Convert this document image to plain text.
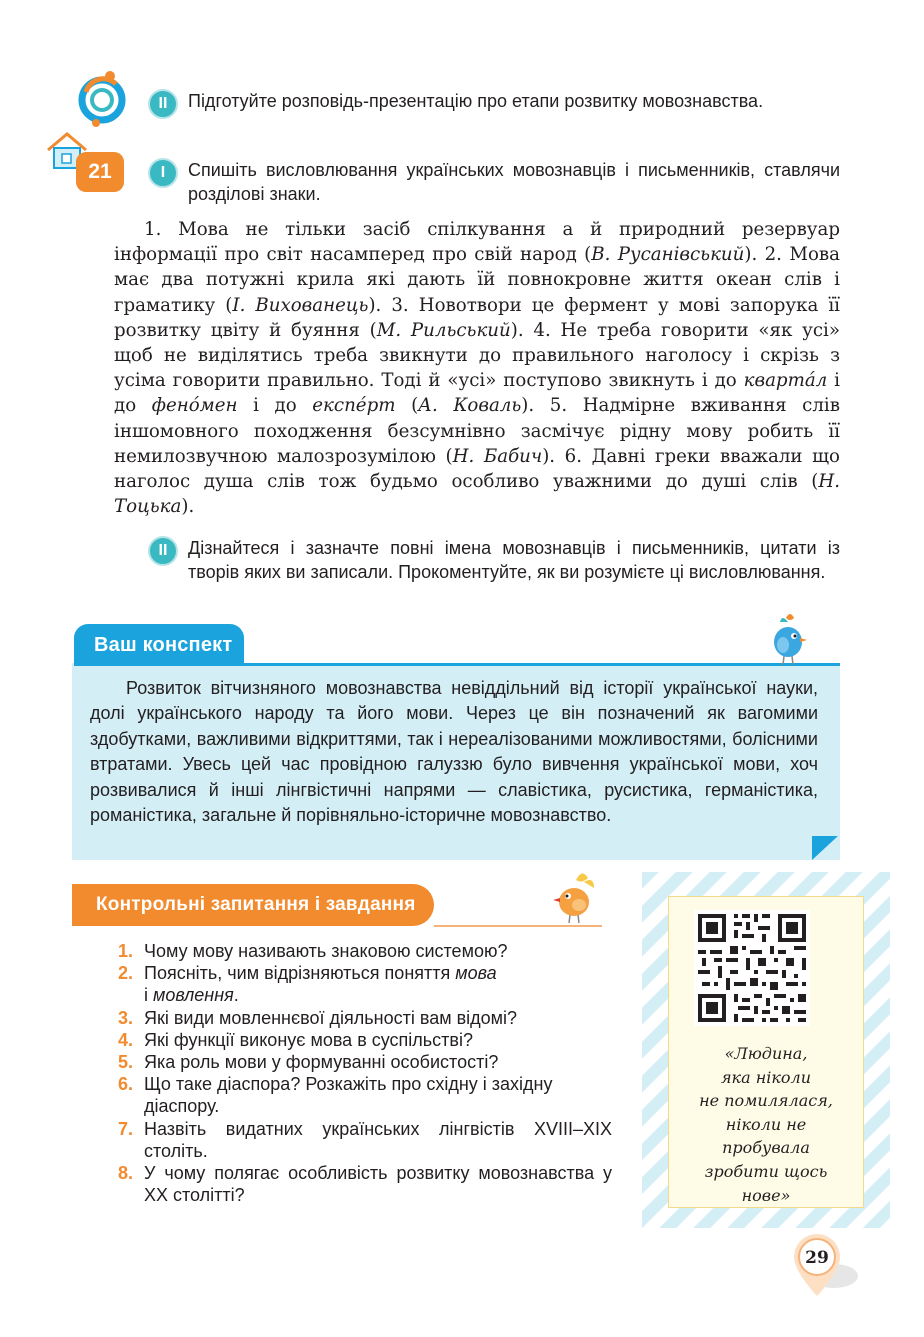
21
II	Підготуйте розповідь-презентацію про етапи розвитку мовознавства.
I	Спишіть висловлювання українських мовознавців і письменників, ставлячи розділові знаки.
1. Мова не тільки засіб спілкування а й природний резервуар інформації про світ насамперед про свій народ (В. Русанівський). 2. Мова має два потужні крила які дають їй повнокровне життя океан слів і граматику (І. Вихованець). 3. Новотвори це фермент у мові запорука її розвитку цвіту й буяння (М. Рильський). 4. Не треба говорити «як усі» щоб не виділятись треба звикнути до правильного наголосу і скрізь з усіма говорити правильно. Тоді й «усі» поступово звикнуть і до кварта́л і до фено́мен і до експе́рт (А. Коваль). 5. Надмірне вживання слів іншомовного походження безсумнівно засмічує рідну мову робить її немилозвучною малозрозумілою (Н. Бабич). 6. Давні греки вважали що наголос душа слів тож будьмо особливо уважними до душі слів (Н. Тоцька).
II	Дізнайтеся і зазначте повні імена мовознавців і письменників, цитати із творів яких ви записали. Прокоментуйте, як ви розумієте ці висловлювання.
Ваш конспект
Розвиток вітчизняного мовознавства невіддільний від історії української науки, долі українського народу та його мови. Через це він позначений як вагомими здобутками, важливими відкриттями, так і нереалізованими можливостями, болісними втратами. Увесь цей час провідною галуззю було вивчення української мови, хоч розвивалися й інші лінгвістичні напрями — славістика, русистика, германістика, романістика, загальне й порівняльно-історичне мовознавство.
Контрольні запитання і завдання
1. Чому мову називають знаковою системою?
2. Поясніть, чим відрізняються поняття мова
і мовлення.
3. Які види мовленнєвої діяльності вам відомі?
4. Які функції виконує мова в суспільстві?
5. Яка роль мови у формуванні особистості?
6. Що таке діаспора? Розкажіть про східну і західну діаспору.
7. Назвіть видатних українських лінгвістів XVIII–XIX століть.
8. У чому полягає особливість розвитку мовознавства у XX столітті?
«Людина,
яка ніколи
не помилялася,
ніколи не
пробувала
зробити щось
нове»
29
